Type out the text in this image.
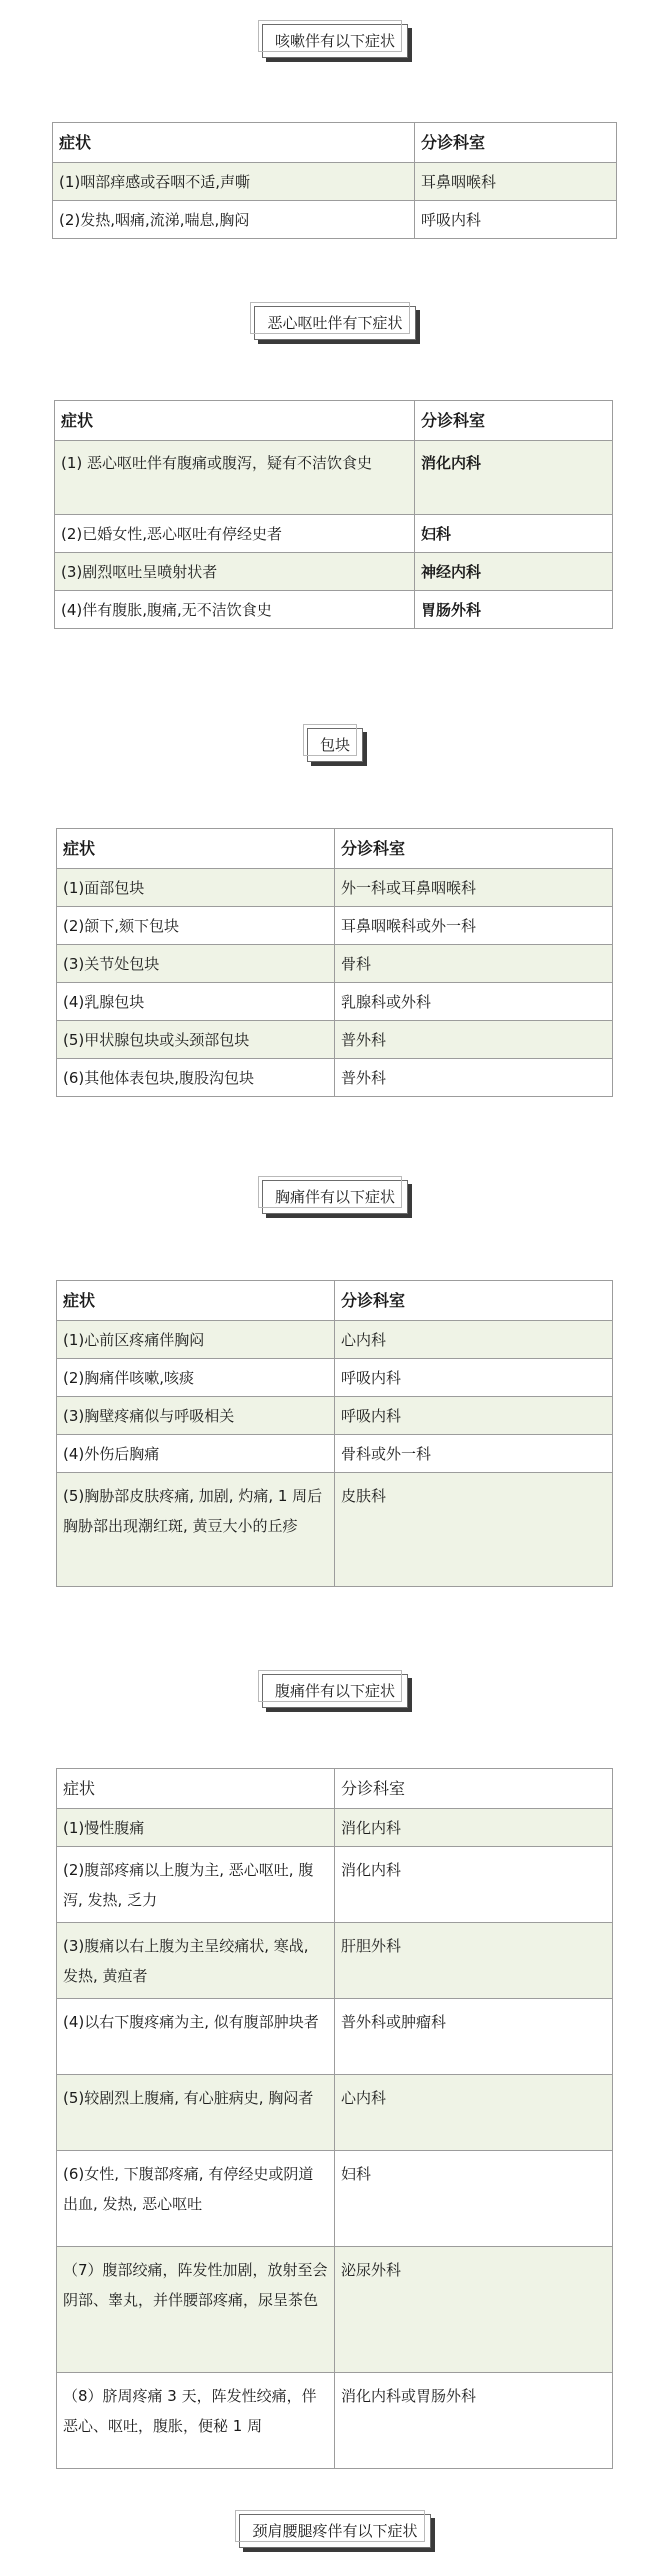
咳嗽伴有以下症状
症状	分诊科室
(1)咽部痒感或吞咽不适,声嘶	耳鼻咽喉科
(2)发热,咽痛,流涕,喘息,胸闷	呼吸内科
恶心呕吐伴有下症状
症状	分诊科室
(1) 恶心呕吐伴有腹痛或腹泻，疑有不洁饮食史	消化内科
(2)已婚女性,恶心呕吐有停经史者	妇科
(3)剧烈呕吐呈喷射状者	神经内科
(4)伴有腹胀,腹痛,无不洁饮食史	胃肠外科
包块
症状	分诊科室
(1)面部包块	外一科或耳鼻咽喉科
(2)颌下,颏下包块	耳鼻咽喉科或外一科
(3)关节处包块	骨科
(4)乳腺包块	乳腺科或外科
(5)甲状腺包块或头颈部包块	普外科
(6)其他体表包块,腹股沟包块	普外科
胸痛伴有以下症状
症状	分诊科室
(1)心前区疼痛伴胸闷	心内科
(2)胸痛伴咳嗽,咳痰	呼吸内科
(3)胸壁疼痛似与呼吸相关	呼吸内科
(4)外伤后胸痛	骨科或外一科
(5)胸胁部皮肤疼痛, 加剧, 灼痛, 1 周后胸胁部出现潮红斑, 黄豆大小的丘疹	皮肤科
腹痛伴有以下症状
症状	分诊科室
(1)慢性腹痛	消化内科
(2)腹部疼痛以上腹为主, 恶心呕吐, 腹泻, 发热, 乏力	消化内科
(3)腹痛以右上腹为主呈绞痛状, 寒战, 发热, 黄疸者	肝胆外科
(4)以右下腹疼痛为主, 似有腹部肿块者	普外科或肿瘤科
(5)较剧烈上腹痛, 有心脏病史, 胸闷者	心内科
(6)女性, 下腹部疼痛, 有停经史或阴道出血, 发热, 恶心呕吐	妇科
（7）腹部绞痛，阵发性加剧，放射至会阴部、睾丸，并伴腰部疼痛，尿呈茶色	泌尿外科
（8）脐周疼痛 3 天，阵发性绞痛，伴恶心、呕吐，腹胀，便秘 1 周	消化内科或胃肠外科
颈肩腰腿疼伴有以下症状
